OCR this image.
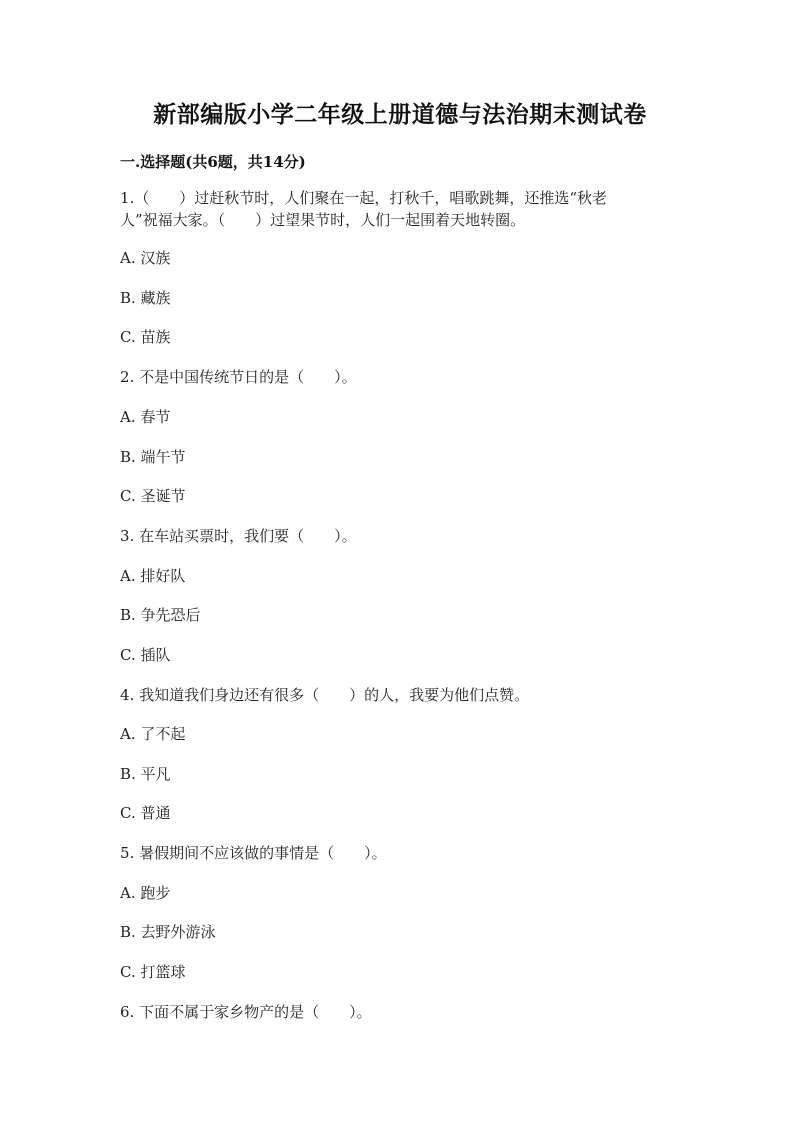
新部编版小学二年级上册道德与法治期末测试卷
一.选择题(共6题，共14分)
1.（　　）过赶秋节时，人们聚在一起，打秋千，唱歌跳舞，还推选“秋老
人”祝福大家。（　　）过望果节时，人们一起围着天地转圈。
A. 汉族
B. 藏族
C. 苗族
2. 不是中国传统节日的是（　　）。
A. 春节
B. 端午节
C. 圣诞节
3. 在车站买票时，我们要（　　）。
A. 排好队
B. 争先恐后
C. 插队
4. 我知道我们身边还有很多（　　）的人，我要为他们点赞。
A. 了不起
B. 平凡
C. 普通
5. 暑假期间不应该做的事情是（　　）。
A. 跑步
B. 去野外游泳
C. 打篮球
6. 下面不属于家乡物产的是（　　）。
